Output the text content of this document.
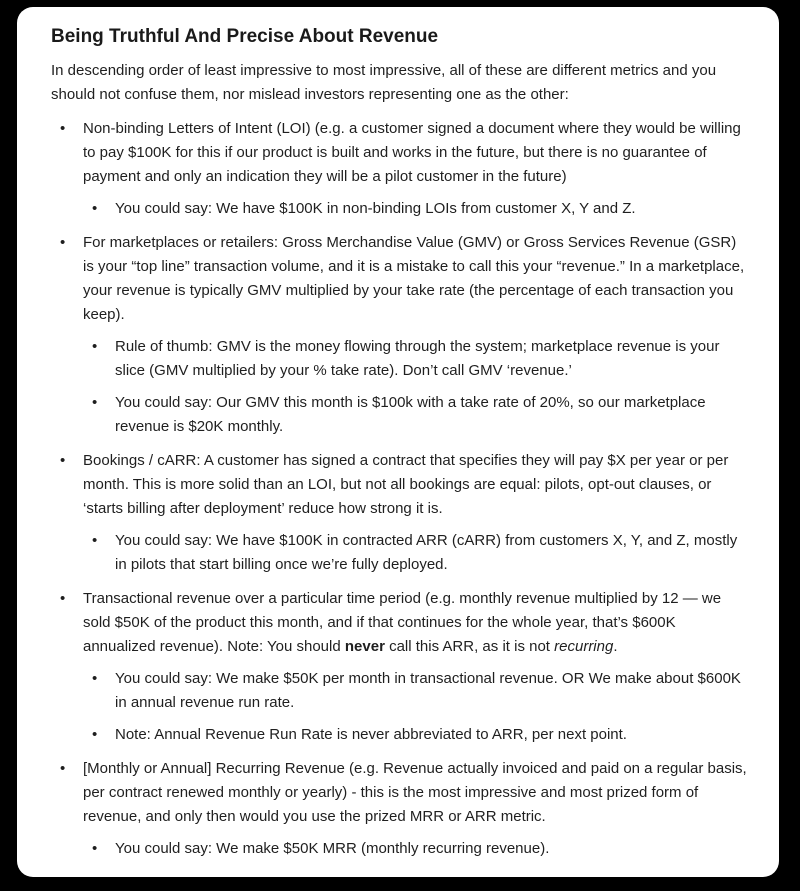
Being Truthful And Precise About Revenue

In descending order of least impressive to most impressive, all of these are different metrics and you should not confuse them, nor mislead investors representing one as the other:

• Non-binding Letters of Intent (LOI) (e.g. a customer signed a document where they would be willing to pay $100K for this if our product is built and works in the future, but there is no guarantee of payment and only an indication they will be a pilot customer in the future)
• You could say: We have $100K in non-binding LOIs from customer X, Y and Z.
• For marketplaces or retailers: Gross Merchandise Value (GMV) or Gross Services Revenue (GSR) is your “top line” transaction volume, and it is a mistake to call this your “revenue.” In a marketplace, your revenue is typically GMV multiplied by your take rate (the percentage of each transaction you keep).
• Rule of thumb: GMV is the money flowing through the system; marketplace revenue is your slice (GMV multiplied by your % take rate). Don’t call GMV ‘revenue.’
• You could say: Our GMV this month is $100k with a take rate of 20%, so our marketplace revenue is $20K monthly.
• Bookings / cARR: A customer has signed a contract that specifies they will pay $X per year or per month. This is more solid than an LOI, but not all bookings are equal: pilots, opt-out clauses, or ‘starts billing after deployment’ reduce how strong it is.
• You could say: We have $100K in contracted ARR (cARR) from customers X, Y, and Z, mostly in pilots that start billing once we’re fully deployed.
• Transactional revenue over a particular time period (e.g. monthly revenue multiplied by 12 — we sold $50K of the product this month, and if that continues for the whole year, that’s $600K annualized revenue). Note: You should never call this ARR, as it is not recurring.
• You could say: We make $50K per month in transactional revenue. OR We make about $600K in annual revenue run rate.
• Note: Annual Revenue Run Rate is never abbreviated to ARR, per next point.
• [Monthly or Annual] Recurring Revenue (e.g. Revenue actually invoiced and paid on a regular basis, per contract renewed monthly or yearly) - this is the most impressive and most prized form of revenue, and only then would you use the prized MRR or ARR metric.
• You could say: We make $50K MRR (monthly recurring revenue).
